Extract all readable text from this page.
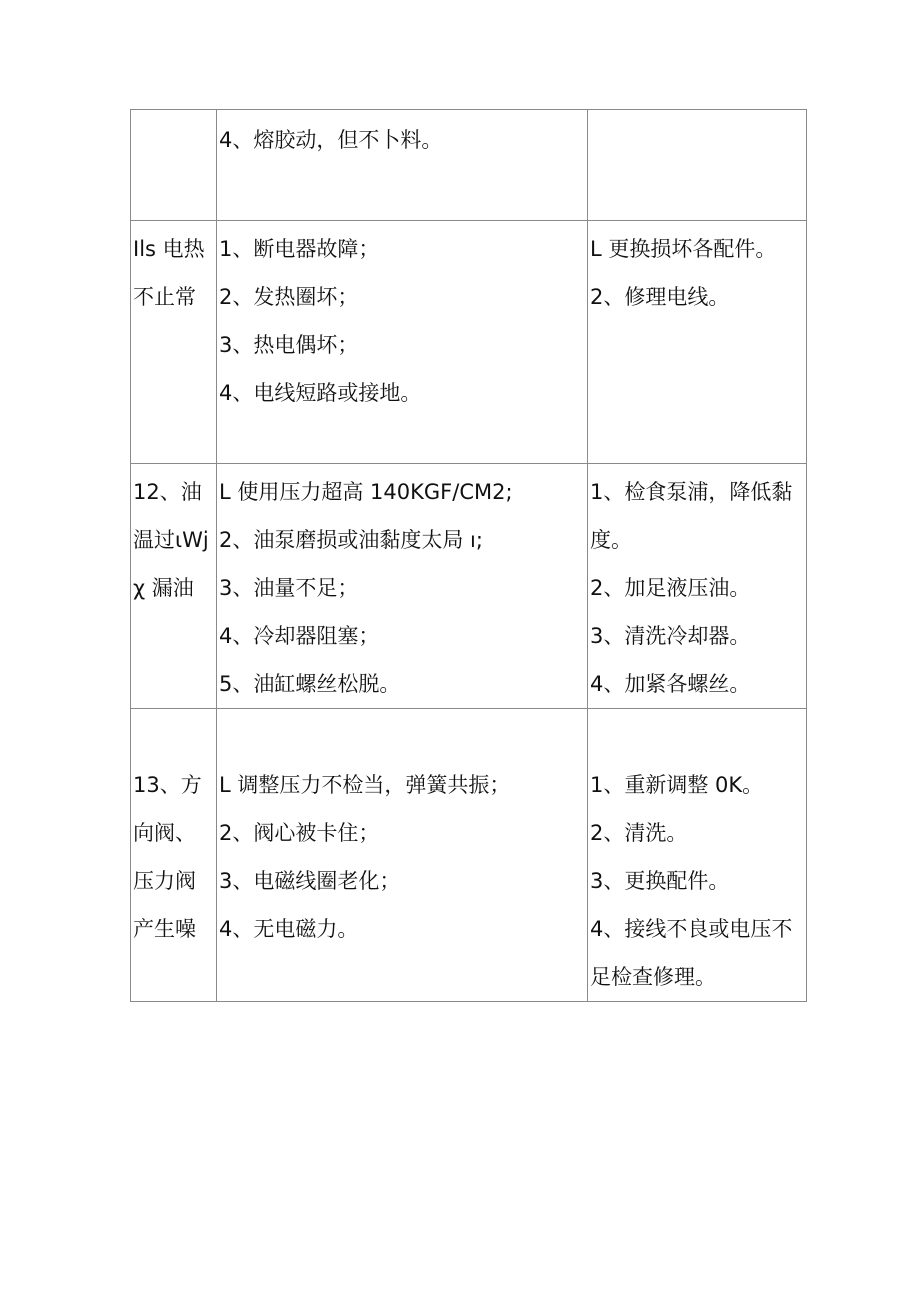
	4、熔胶动，但不卜料。	

Ils 电热不止常	1、断电器故障；
2、发热圈坏；
3、热电偶坏；
4、电线短路或接地。	L 更换损坏各配件。
2、修理电线。

12、油温过ιWjχ 漏油	L 使用压力超高 140KGF/CM2;
2、油泵磨损或油黏度太局 ı;
3、油量不足；
4、冷却器阻塞；
5、油缸螺丝松脱。	1、检食泵浦，降低黏度。
2、加足液压油。
3、清洗冷却器。
4、加紧各螺丝。

13、方向阀、压力阀产生噪	L 调整压力不检当，弹簧共振；
2、阀心被卡住；
3、电磁线圈老化；
4、无电磁力。	1、重新调整 0K。
2、清洗。
3、更换配件。
4、接线不良或电压不足检查修理。
